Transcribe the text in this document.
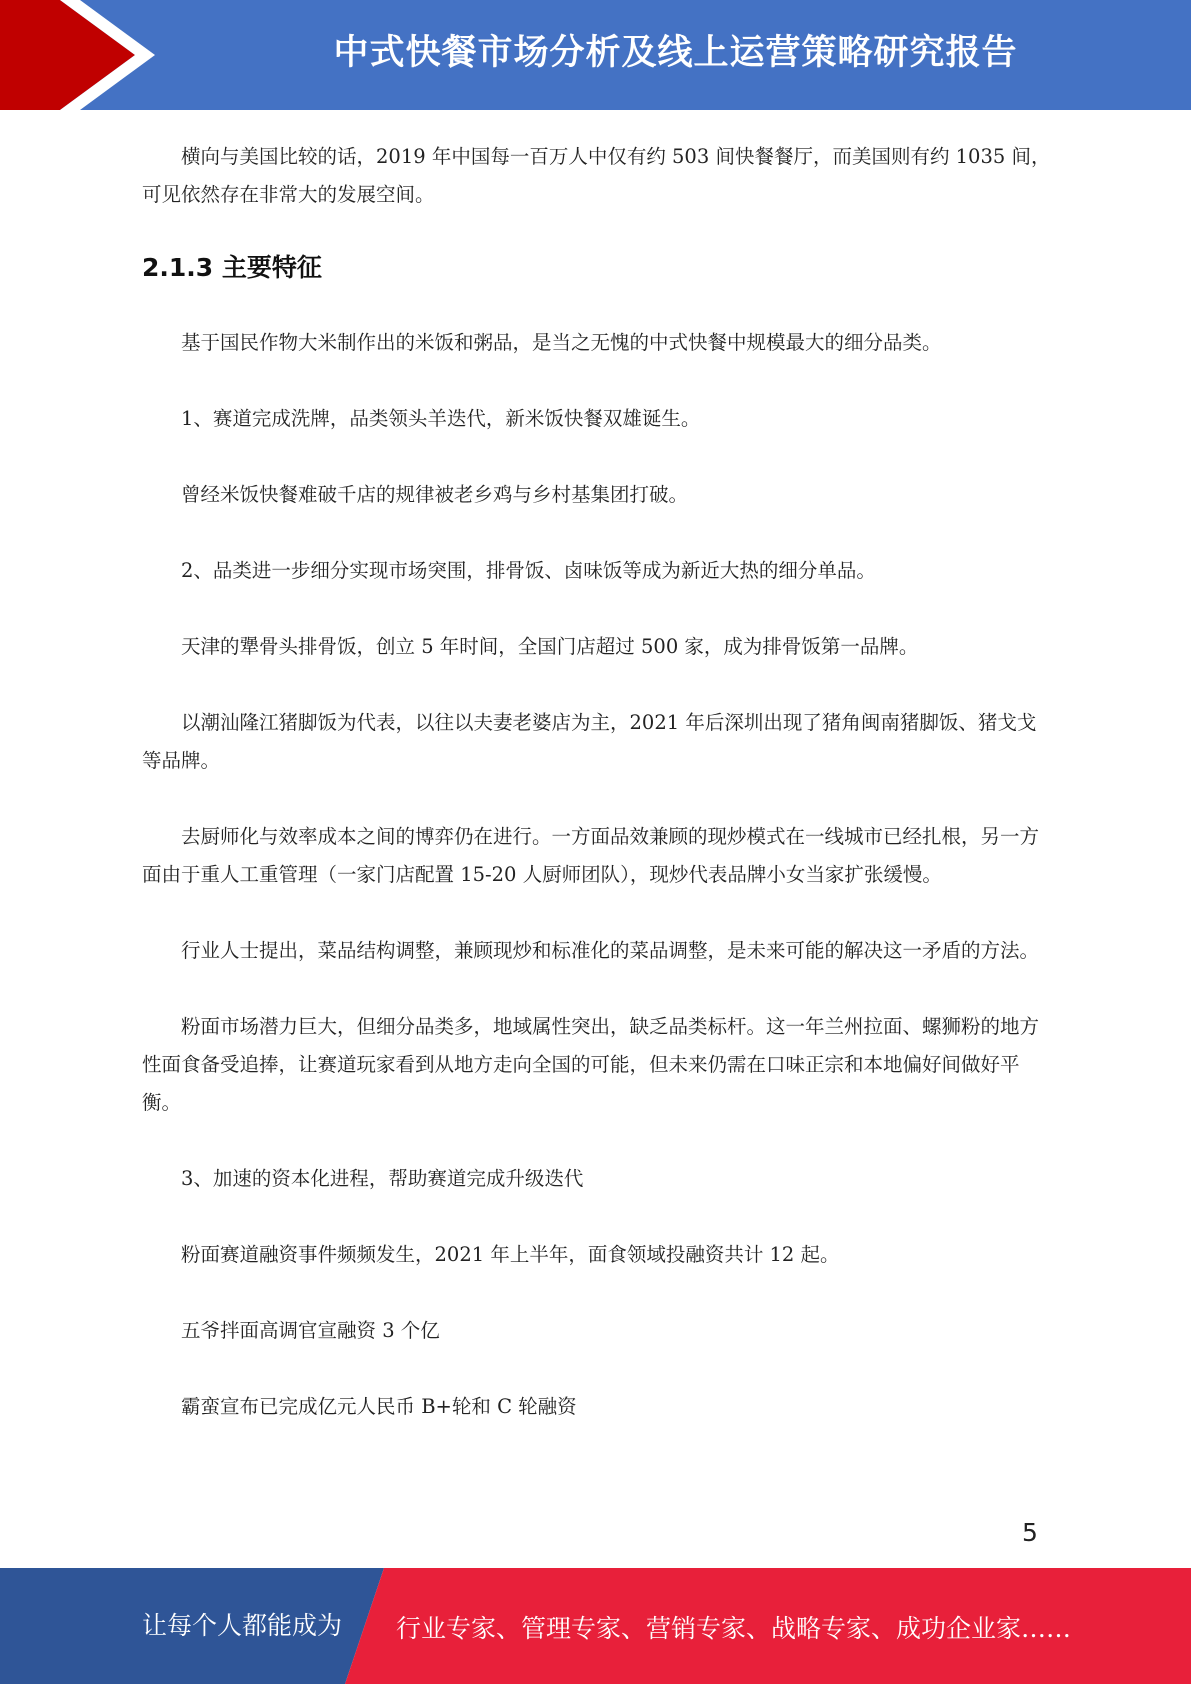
中式快餐市场分析及线上运营策略研究报告

横向与美国比较的话，2019 年中国每一百万人中仅有约 503 间快餐餐厅，而美国则有约 1035 间，可见依然存在非常大的发展空间。

2.1.3 主要特征

基于国民作物大米制作出的米饭和粥品，是当之无愧的中式快餐中规模最大的细分品类。

1、赛道完成洗牌，品类领头羊迭代，新米饭快餐双雄诞生。

曾经米饭快餐难破千店的规律被老乡鸡与乡村基集团打破。

2、品类进一步细分实现市场突围，排骨饭、卤味饭等成为新近大热的细分单品。

天津的犟骨头排骨饭，创立 5 年时间，全国门店超过 500 家，成为排骨饭第一品牌。

以潮汕隆江猪脚饭为代表，以往以夫妻老婆店为主，2021 年后深圳出现了猪角闽南猪脚饭、猪戈戈等品牌。

去厨师化与效率成本之间的博弈仍在进行。一方面品效兼顾的现炒模式在一线城市已经扎根，另一方面由于重人工重管理（一家门店配置 15-20 人厨师团队），现炒代表品牌小女当家扩张缓慢。

行业人士提出，菜品结构调整，兼顾现炒和标准化的菜品调整，是未来可能的解决这一矛盾的方法。

粉面市场潜力巨大，但细分品类多，地域属性突出，缺乏品类标杆。这一年兰州拉面、螺狮粉的地方性面食备受追捧，让赛道玩家看到从地方走向全国的可能，但未来仍需在口味正宗和本地偏好间做好平衡。

3、加速的资本化进程，帮助赛道完成升级迭代

粉面赛道融资事件频频发生，2021 年上半年，面食领域投融资共计 12 起。

五爷拌面高调官宣融资 3 个亿

霸蛮宣布已完成亿元人民币 B+轮和 C 轮融资

5
让每个人都能成为 行业专家、管理专家、营销专家、战略专家、成功企业家……
